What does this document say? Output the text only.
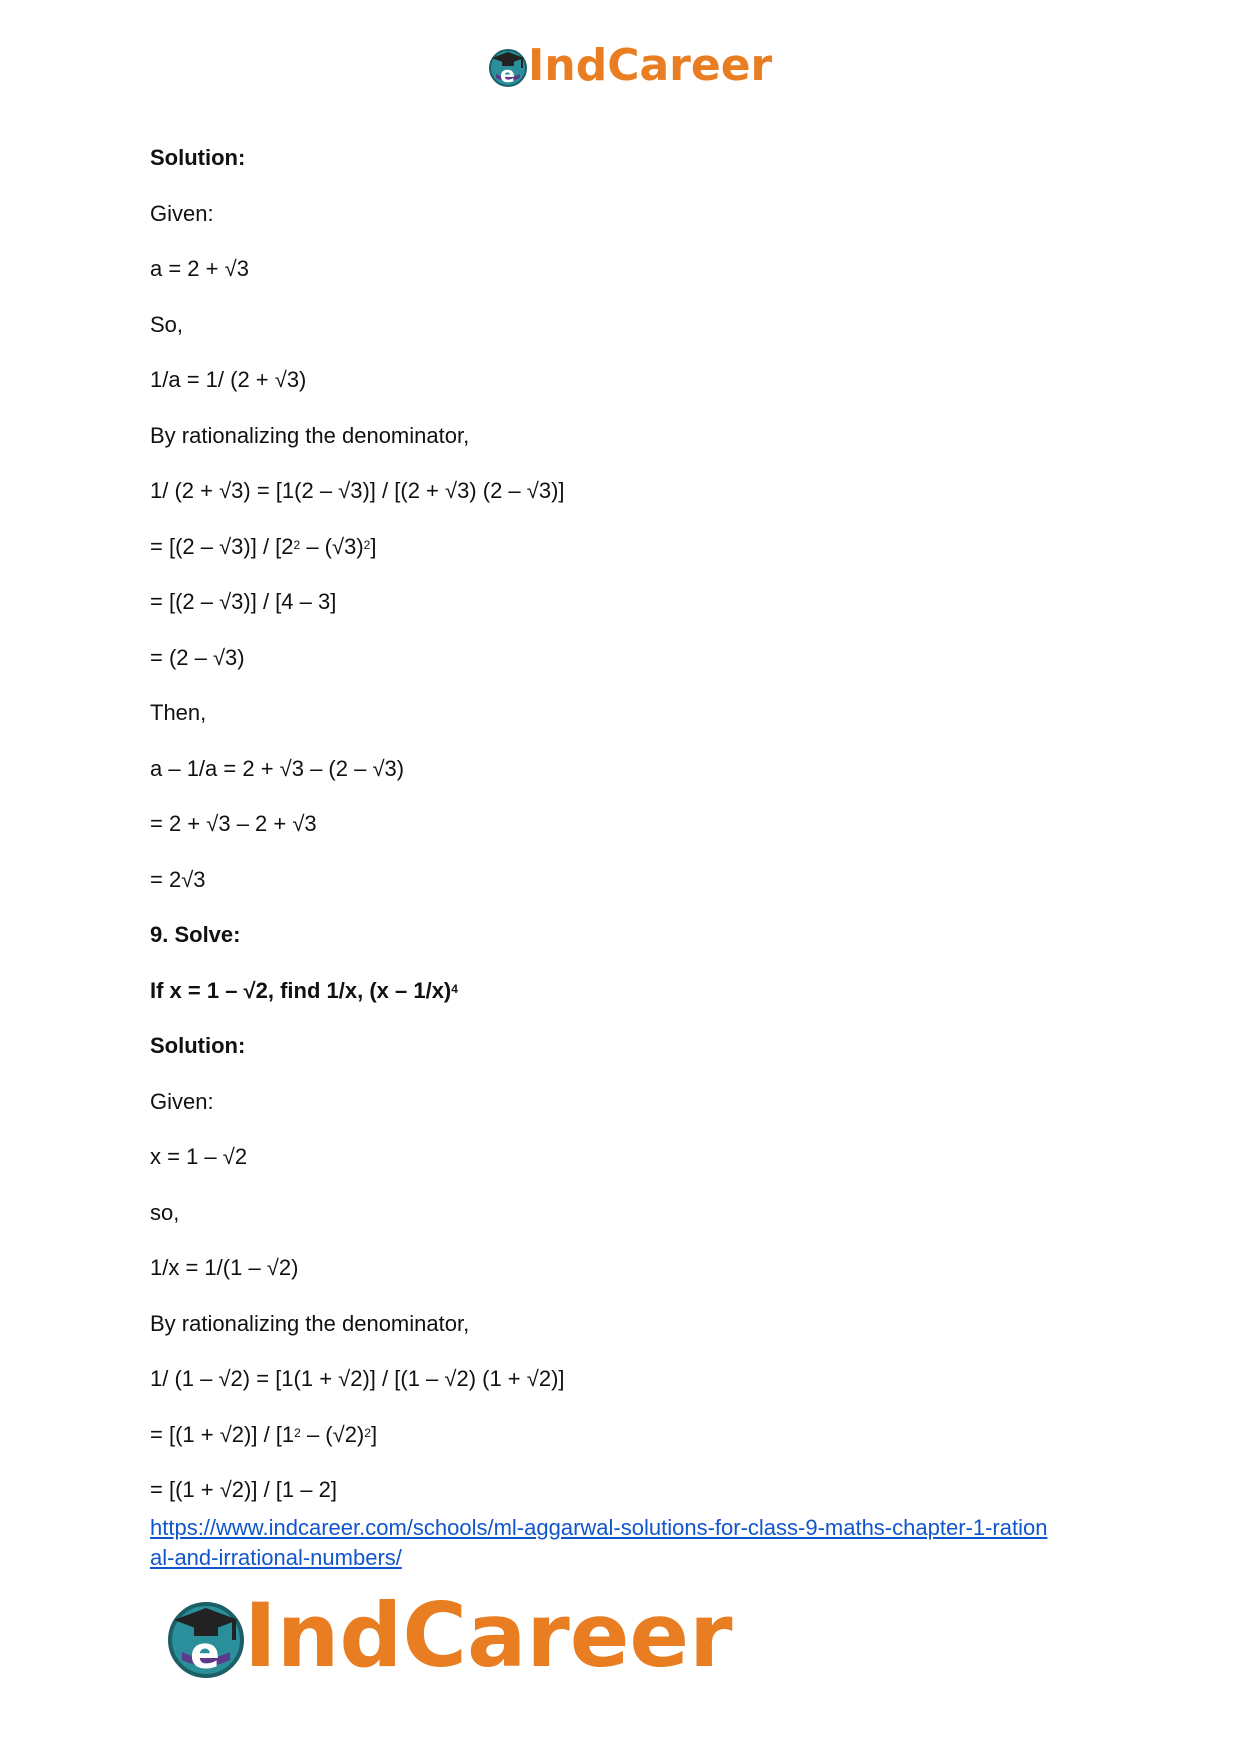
e IndCareer
Solution:
Given:
a = 2 + √3
So,
1/a = 1/ (2 + √3)
By rationalizing the denominator,
1/ (2 + √3) = [1(2 – √3)] / [(2 + √3) (2 – √3)]
= $[(2 - √3)] / [2^2 - (√3)^2]$
= [(2 – √3)] / [4 – 3]
= (2 – √3)
Then,
a – 1/a = 2 + √3 – (2 – √3)
= 2 + √3 – 2 + √3
= 2√3
9. Solve:
If x = 1 – √2, find 1/x, (x – 1/x)$^4$
Solution:
Given:
x = 1 – √2
so,
1/x = 1/(1 – √2)
By rationalizing the denominator,
1/ (1 – √2) = [1(1 + √2)] / [(1 – √2) (1 + √2)]
= $[(1 + √2)] / [1^2 - (√2)^2]$
= [(1 + √2)] / [1 – 2]
https://www.indcareer.com/schools/ml-aggarwal-solutions-for-class-9-maths-chapter-1-ration
al-and-irrational-numbers/
e IndCareer
